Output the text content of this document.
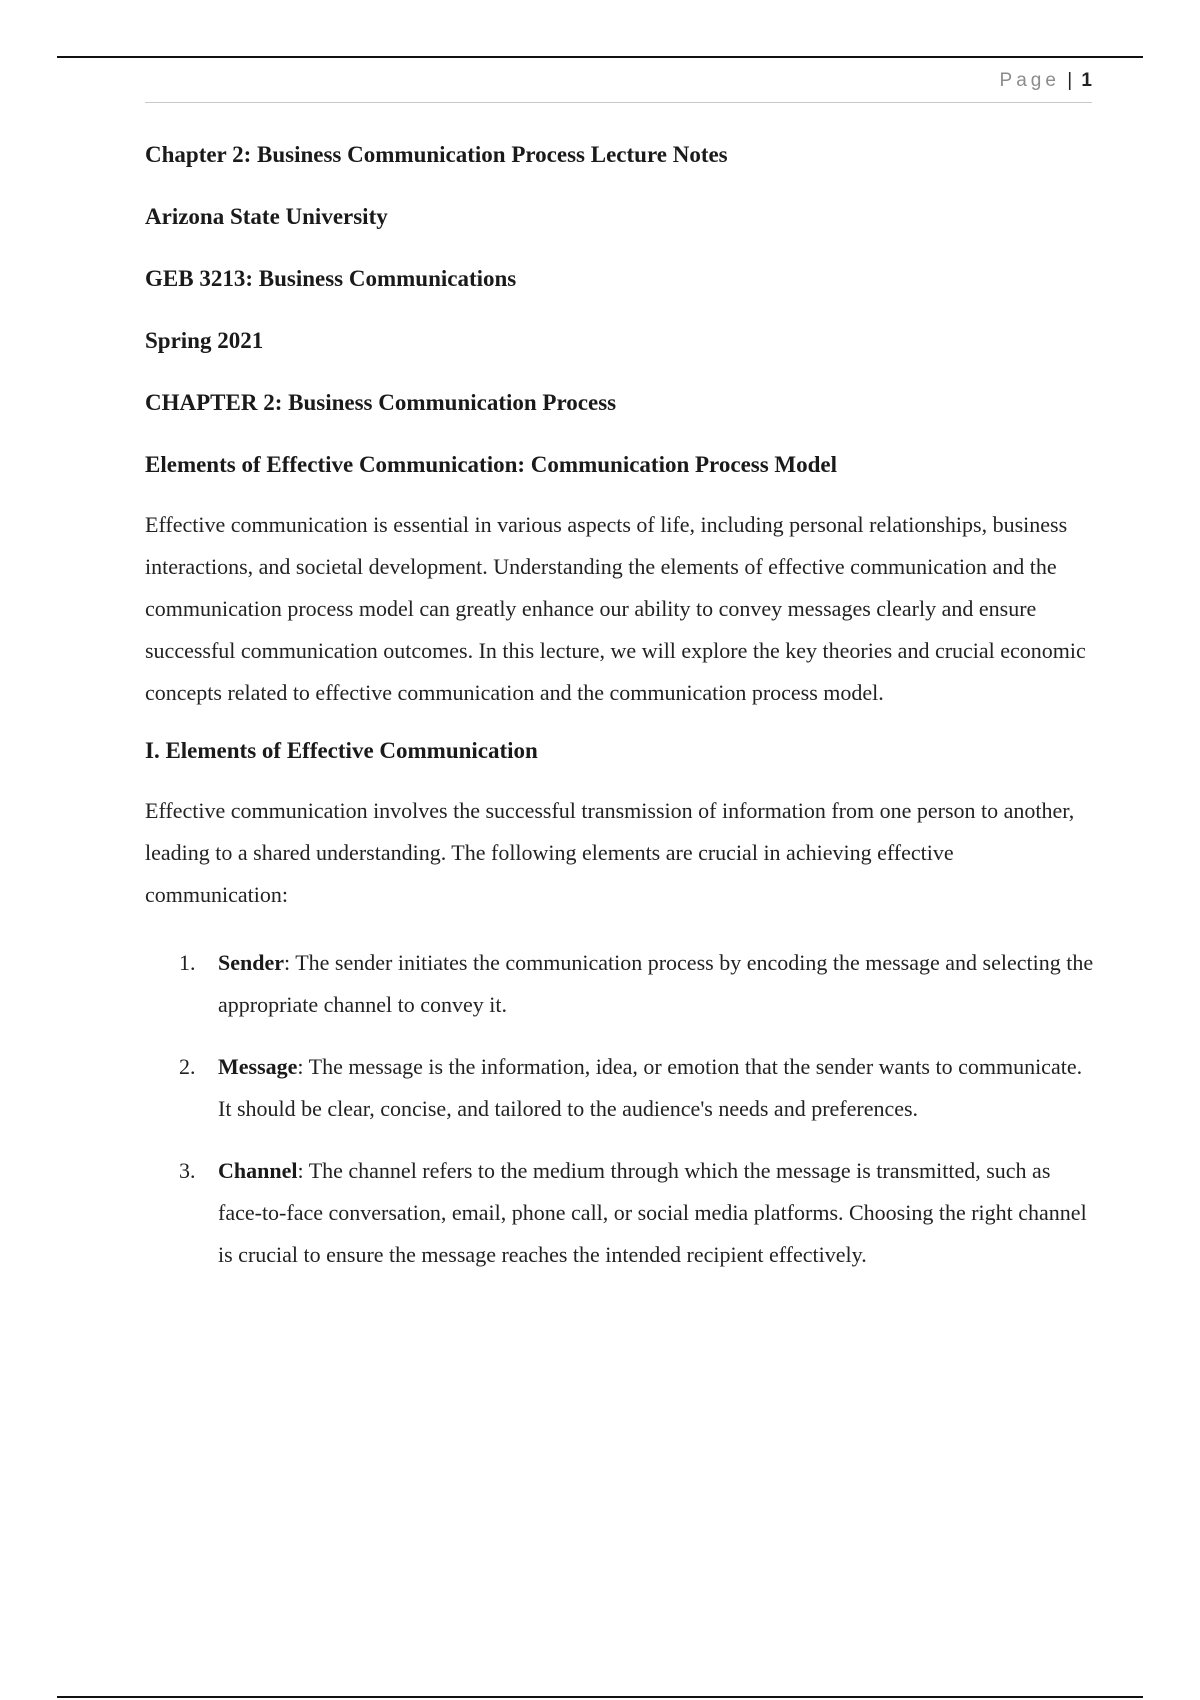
Page | 1

Chapter 2: Business Communication Process Lecture Notes

Arizona State University

GEB 3213: Business Communications

Spring 2021

CHAPTER 2: Business Communication Process

Elements of Effective Communication: Communication Process Model

Effective communication is essential in various aspects of life, including personal relationships, business interactions, and societal development. Understanding the elements of effective communication and the communication process model can greatly enhance our ability to convey messages clearly and ensure successful communication outcomes. In this lecture, we will explore the key theories and crucial economic concepts related to effective communication and the communication process model.

I. Elements of Effective Communication

Effective communication involves the successful transmission of information from one person to another, leading to a shared understanding. The following elements are crucial in achieving effective communication:

1. Sender: The sender initiates the communication process by encoding the message and selecting the appropriate channel to convey it.
2. Message: The message is the information, idea, or emotion that the sender wants to communicate. It should be clear, concise, and tailored to the audience's needs and preferences.
3. Channel: The channel refers to the medium through which the message is transmitted, such as face-to-face conversation, email, phone call, or social media platforms. Choosing the right channel is crucial to ensure the message reaches the intended recipient effectively.
